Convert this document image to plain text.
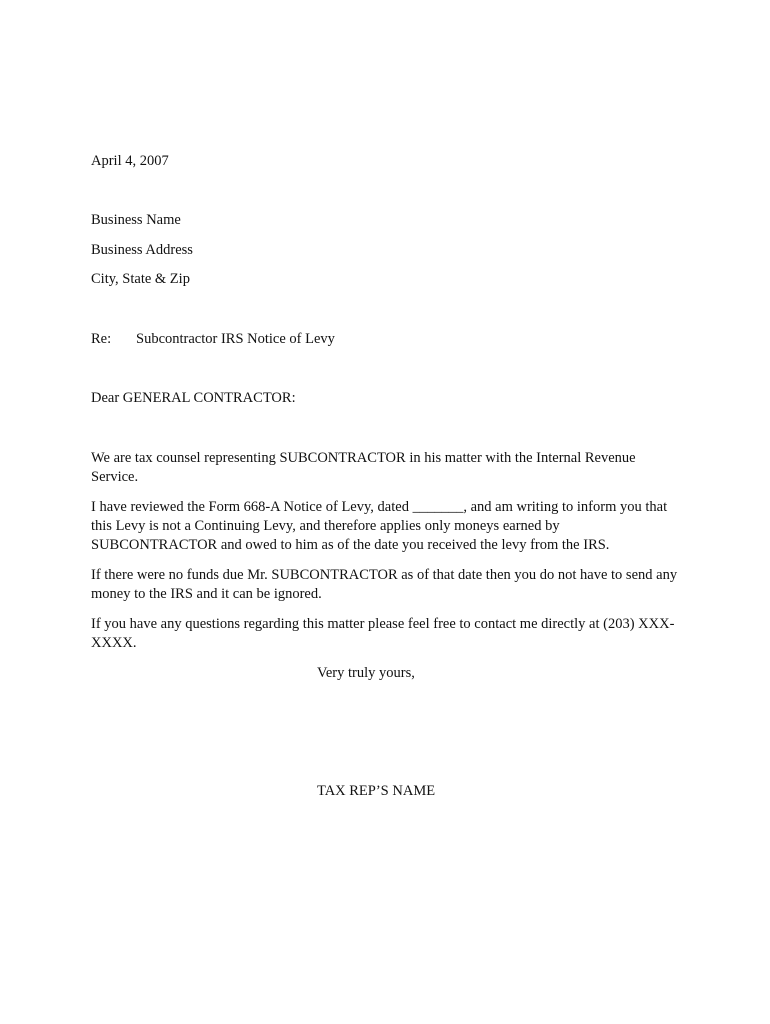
April 4, 2007
Business Name
Business Address
City, State & Zip
Re: Subcontractor IRS Notice of Levy
Dear GENERAL CONTRACTOR:
We are tax counsel representing SUBCONTRACTOR in his matter with the Internal Revenue Service.
I have reviewed the Form 668-A Notice of Levy, dated _______, and am writing to inform you that this Levy is not a Continuing Levy, and therefore applies only moneys earned by SUBCONTRACTOR and owed to him as of the date you received the levy from the IRS.
If there were no funds due Mr. SUBCONTRACTOR as of that date then you do not have to send any money to the IRS and it can be ignored.
If you have any questions regarding this matter please feel free to contact me directly at (203) XXX-XXXX.
Very truly yours,
TAX REP’S NAME
